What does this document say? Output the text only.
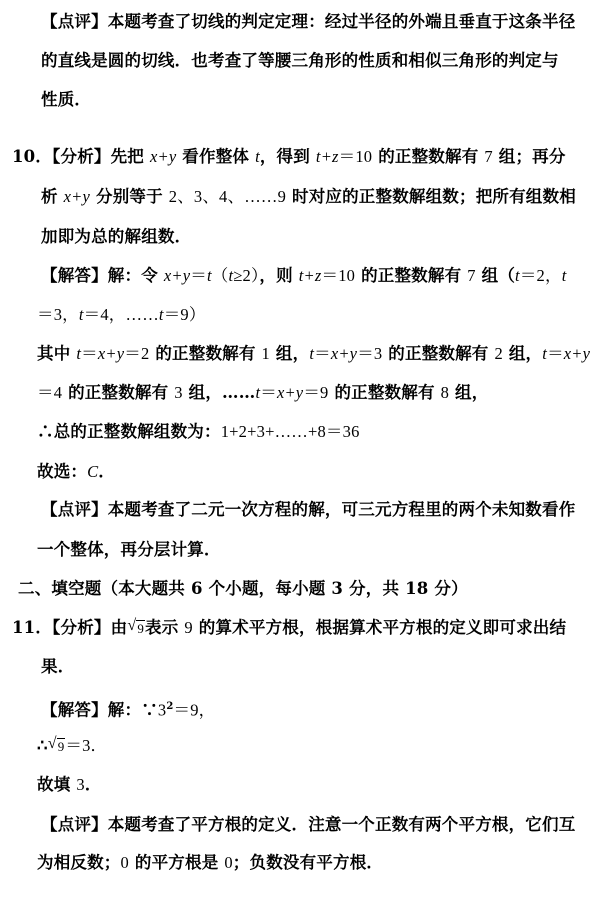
【点评】本题考查了切线的判定定理：经过半径的外端且垂直于这条半径
的直线是圆的切线．也考查了等腰三角形的性质和相似三角形的判定与
性质．
10．【分析】先把 x+y 看作整体 t，得到 t+z＝10 的正整数解有 7 组；再分
析 x+y 分别等于 2、3、4、……9 时对应的正整数解组数；把所有组数相
加即为总的解组数．
【解答】解：令 x+y＝t（t≥2），则 t+z＝10 的正整数解有 7 组（t＝2，t
＝3，t＝4，……t＝9）
其中 t＝x+y＝2 的正整数解有 1 组，t＝x+y＝3 的正整数解有 2 组，t＝x+y
＝4 的正整数解有 3 组，……t＝x+y＝9 的正整数解有 8 组，
∴总的正整数解组数为：1+2+3+……+8＝36
故选：C．
【点评】本题考查了二元一次方程的解，可三元方程里的两个未知数看作
一个整体，再分层计算．
二、填空题（本大题共 6 个小题，每小题 3 分，共 18 分）
11．【分析】由 √ 9表示 9 的算术平方根，根据算术平方根的定义即可求出结
果．
【解答】解：$\because 3^2=9$，
∴ √ 9＝3．
故填 3．
【点评】本题考查了平方根的定义．注意一个正数有两个平方根，它们互
为相反数；0 的平方根是 0；负数没有平方根．
